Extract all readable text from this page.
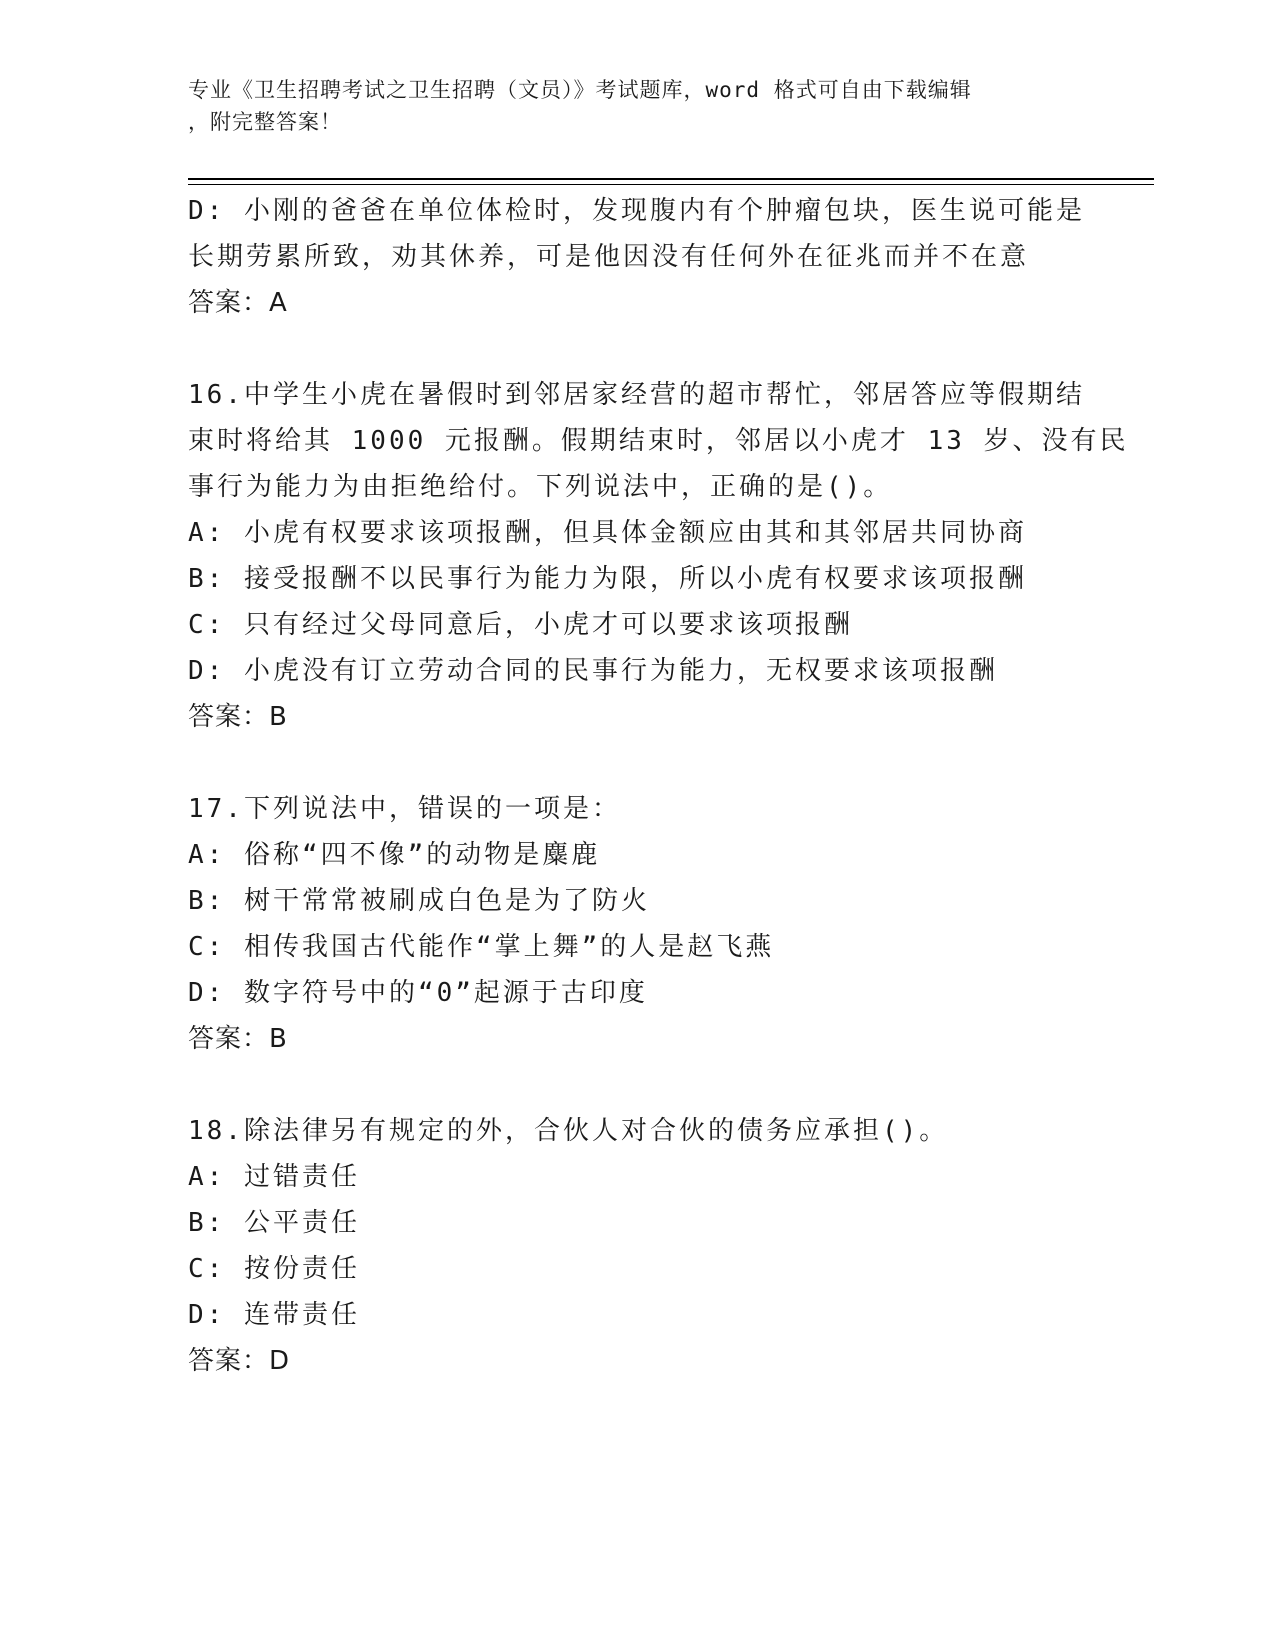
专业《卫生招聘考试之卫生招聘（文员）》考试题库，word 格式可自由下载编辑
，附完整答案！
D: 小刚的爸爸在单位体检时，发现腹内有个肿瘤包块，医生说可能是
长期劳累所致，劝其休养，可是他因没有任何外在征兆而并不在意
答案：A
16.中学生小虎在暑假时到邻居家经营的超市帮忙，邻居答应等假期结
束时将给其 1000 元报酬。假期结束时，邻居以小虎才 13 岁、没有民
事行为能力为由拒绝给付。下列说法中，正确的是()。
A: 小虎有权要求该项报酬，但具体金额应由其和其邻居共同协商
B: 接受报酬不以民事行为能力为限，所以小虎有权要求该项报酬
C: 只有经过父母同意后，小虎才可以要求该项报酬
D: 小虎没有订立劳动合同的民事行为能力，无权要求该项报酬
答案：B
17.下列说法中，错误的一项是：
A: 俗称“四不像”的动物是麋鹿
B: 树干常常被刷成白色是为了防火
C: 相传我国古代能作“掌上舞”的人是赵飞燕
D: 数字符号中的“0”起源于古印度
答案：B
18.除法律另有规定的外，合伙人对合伙的债务应承担()。
A: 过错责任
B: 公平责任
C: 按份责任
D: 连带责任
答案：D
